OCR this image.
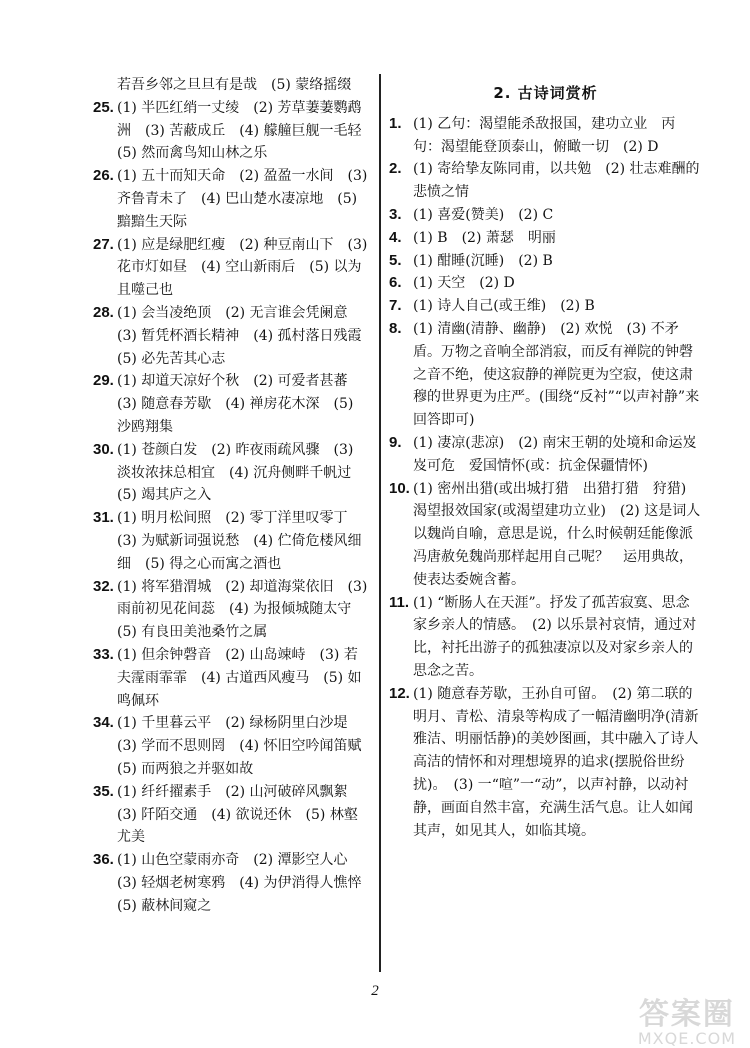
若吾乡邻之旦旦有是哉　(5) 蒙络摇缀
25. (1) 半匹红绡一丈绫　(2) 芳草萋萋鹦鹉洲　(3) 苦蔽成丘　(4) 艨艟巨舰一毛轻　(5) 然而禽鸟知山林之乐
26. (1) 五十而知天命　(2) 盈盈一水间　(3) 齐鲁青未了　(4) 巴山楚水凄凉地　(5) 黯黯生天际
27. (1) 应是绿肥红瘦　(2) 种豆南山下　(3) 花市灯如昼　(4) 空山新雨后　(5) 以为且噬己也
28. (1) 会当凌绝顶　(2) 无言谁会凭阑意　(3) 暂凭杯酒长精神　(4) 孤村落日残霞　(5) 必先苦其心志
29. (1) 却道天凉好个秋　(2) 可爱者甚蕃　(3) 随意春芳歇　(4) 禅房花木深　(5) 沙鸥翔集
30. (1) 苍颜白发　(2) 昨夜雨疏风骤　(3) 淡妆浓抹总相宜　(4) 沉舟侧畔千帆过　(5) 竭其庐之入
31. (1) 明月松间照　(2) 零丁洋里叹零丁　(3) 为赋新词强说愁　(4) 伫倚危楼风细细　(5) 得之心而寓之酒也
32. (1) 将军猎渭城　(2) 却道海棠依旧　(3) 雨前初见花间蕊　(4) 为报倾城随太守　(5) 有良田美池桑竹之属
33. (1) 但余钟磬音　(2) 山岛竦峙　(3) 若夫霪雨霏霏　(4) 古道西风瘦马　(5) 如鸣佩环
34. (1) 千里暮云平　(2) 绿杨阴里白沙堤　(3) 学而不思则罔　(4) 怀旧空吟闻笛赋　(5) 而两狼之并驱如故
35. (1) 纤纤擢素手　(2) 山河破碎风飘絮　(3) 阡陌交通　(4) 欲说还休　(5) 林壑尤美
36. (1) 山色空蒙雨亦奇　(2) 潭影空人心　(3) 轻烟老树寒鸦　(4) 为伊消得人憔悴　(5) 蔽林间窥之
2. 古诗词赏析
1. (1) 乙句：渴望能杀敌报国，建功立业　丙句：渴望能登顶泰山，俯瞰一切　(2) D
2. (1) 寄给挚友陈同甫，以共勉　(2) 壮志难酬的悲愤之情
3. (1) 喜爱(赞美)　(2) C
4. (1) B　(2) 萧瑟　明丽
5. (1) 酣睡(沉睡)　(2) B
6. (1) 天空　(2) D
7. (1) 诗人自己(或王维)　(2) B
8. (1) 清幽(清静、幽静)　(2) 欢悦　(3) 不矛盾。万物之音响全部消寂，而反有禅院的钟磬之音不绝，使这寂静的禅院更为空寂，使这肃穆的世界更为庄严。(围绕“反衬”“以声衬静”来回答即可)
9. (1) 凄凉(悲凉)　(2) 南宋王朝的处境和命运岌岌可危　爱国情怀(或：抗金保疆情怀)
10. (1) 密州出猎(或出城打猎　出猎打猎　狩猎)　渴望报效国家(或渴望建功立业)　(2) 这是词人以魏尚自喻，意思是说，什么时候朝廷能像派冯唐赦免魏尚那样起用自己呢？　运用典故，使表达委婉含蓄。
11. (1) “断肠人在天涯”。抒发了孤苦寂寞、思念家乡亲人的情感。　(2) 以乐景衬哀情，通过对比，衬托出游子的孤独凄凉以及对家乡亲人的思念之苦。
12. (1) 随意春芳歇，王孙自可留。　(2) 第二联的明月、青松、清泉等构成了一幅清幽明净(清新雅洁、明丽恬静)的美妙图画，其中融入了诗人高洁的情怀和对理想境界的追求(摆脱俗世纷扰)。　(3) 一“喧”一“动”，以声衬静，以动衬静，画面自然丰富，充满生活气息。让人如闻其声，如见其人，如临其境。
2
答案圈
MXQE.COM
